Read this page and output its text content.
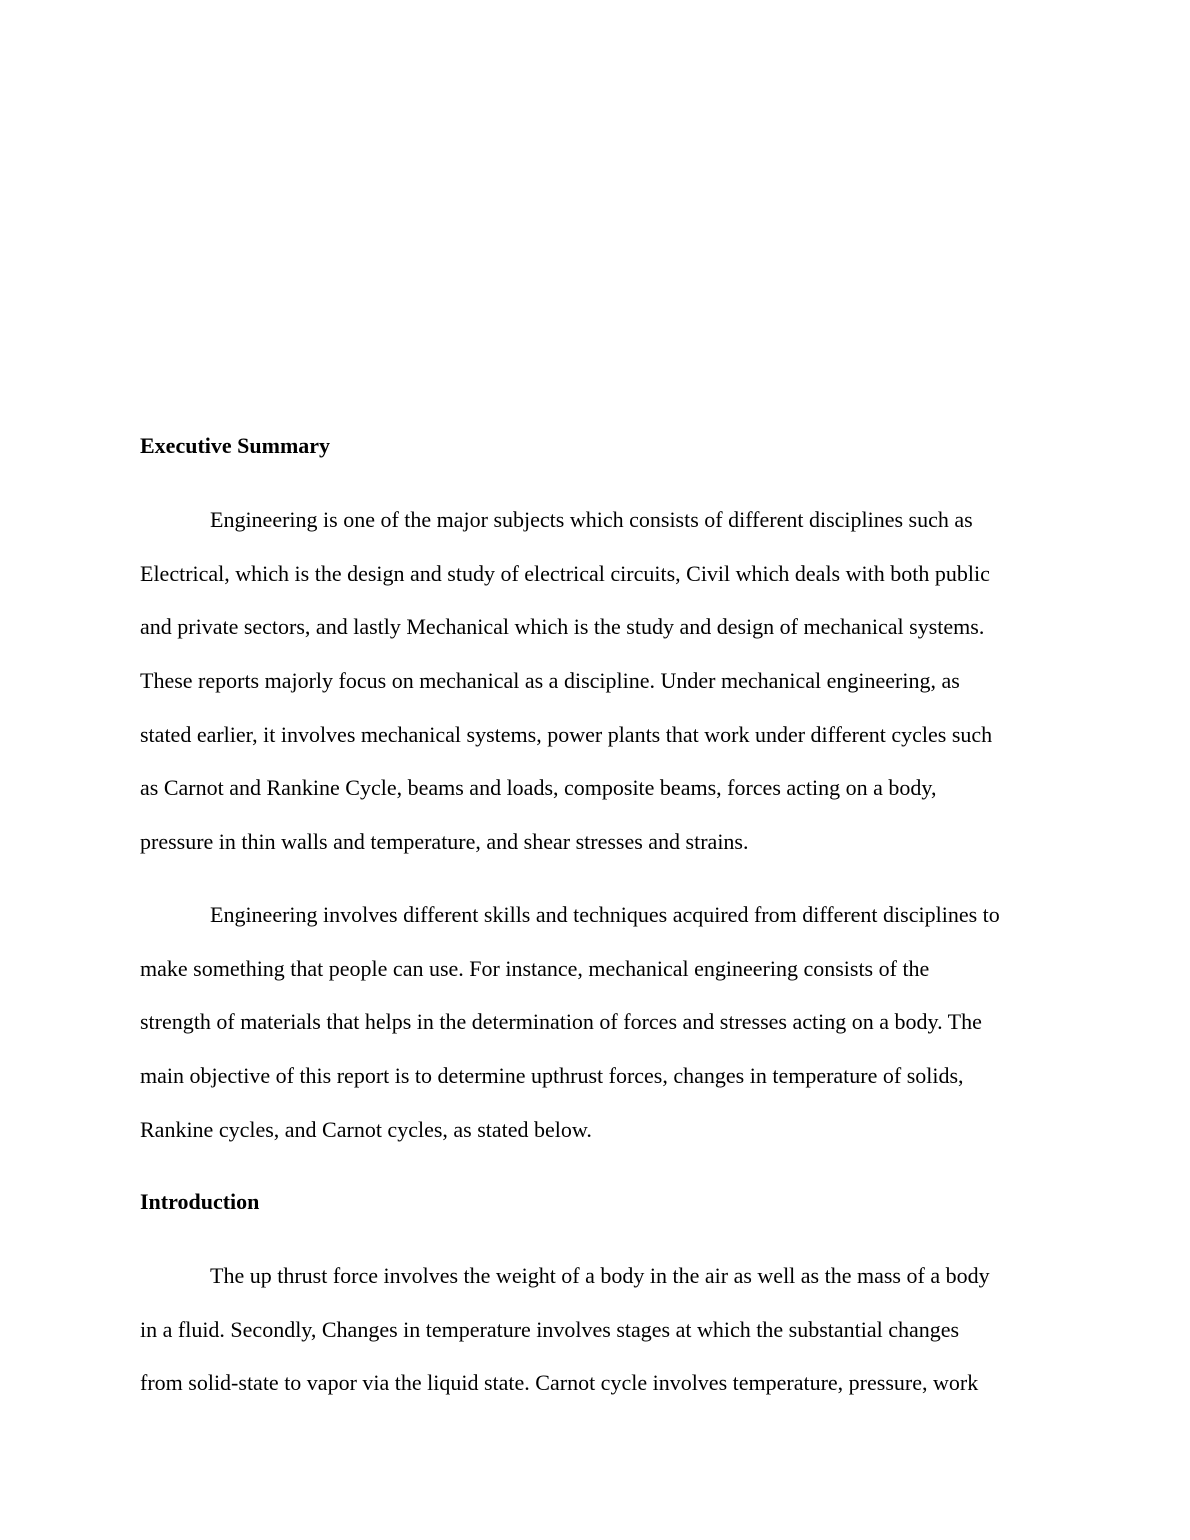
Executive Summary
Engineering is one of the major subjects which consists of different disciplines such as
Electrical, which is the design and study of electrical circuits, Civil which deals with both public
and private sectors, and lastly Mechanical which is the study and design of mechanical systems.
These reports majorly focus on mechanical as a discipline. Under mechanical engineering, as
stated earlier, it involves mechanical systems, power plants that work under different cycles such
as Carnot and Rankine Cycle, beams and loads, composite beams, forces acting on a body,
pressure in thin walls and temperature, and shear stresses and strains.
Engineering involves different skills and techniques acquired from different disciplines to
make something that people can use. For instance, mechanical engineering consists of the
strength of materials that helps in the determination of forces and stresses acting on a body. The
main objective of this report is to determine upthrust forces, changes in temperature of solids,
Rankine cycles, and Carnot cycles, as stated below.
Introduction
The up thrust force involves the weight of a body in the air as well as the mass of a body
in a fluid. Secondly, Changes in temperature involves stages at which the substantial changes
from solid-state to vapor via the liquid state. Carnot cycle involves temperature, pressure, work
